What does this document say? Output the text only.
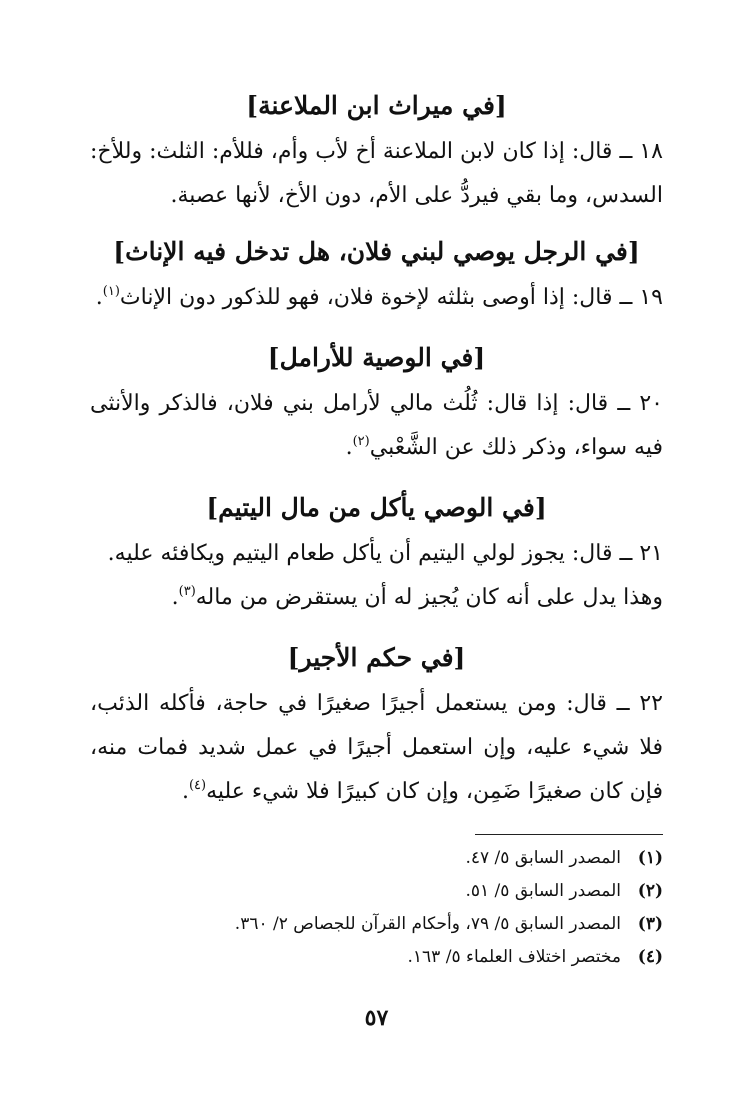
[في ميراث ابن الملاعنة]

١٨ ــ قال: إذا كان لابن الملاعنة أخ لأب وأم، فللأم: الثلث: وللأخ: السدس، وما بقي فيردُّ على الأم، دون الأخ، لأنها عصبة.

[في الرجل يوصي لبني فلان، هل تدخل فيه الإناث]

١٩ ــ قال: إذا أوصى بثلثه لإخوة فلان، فهو للذكور دون الإناث$^{(١)}$.

[في الوصية للأرامل]

٢٠ ــ قال: إذا قال: ثُلُث مالي لأرامل بني فلان، فالذكر والأنثى فيه سواء، وذكر ذلك عن الشَّعْبي$^{(٢)}$.

[في الوصي يأكل من مال اليتيم]

٢١ ــ قال: يجوز لولي اليتيم أن يأكل طعام اليتيم ويكافئه عليه.

وهذا يدل على أنه كان يُجيز له أن يستقرض من ماله$^{(٣)}$.

[في حكم الأجير]

٢٢ ــ قال: ومن يستعمل أجيرًا صغيرًا في حاجة، فأكله الذئب، فلا شيء عليه، وإن استعمل أجيرًا في عمل شديد فمات منه، فإن كان صغيرًا ضَمِن، وإن كان كبيرًا فلا شيء عليه$^{(٤)}$.

(١)
المصدر السابق ٥/ ٤٧.

(٢)
المصدر السابق ٥/ ٥١.

(٣)
المصدر السابق ٥/ ٧٩، وأحكام القرآن للجصاص ٢/ ٣٦٠.

(٤)
مختصر اختلاف العلماء ٥/ ١٦٣.

٥٧
